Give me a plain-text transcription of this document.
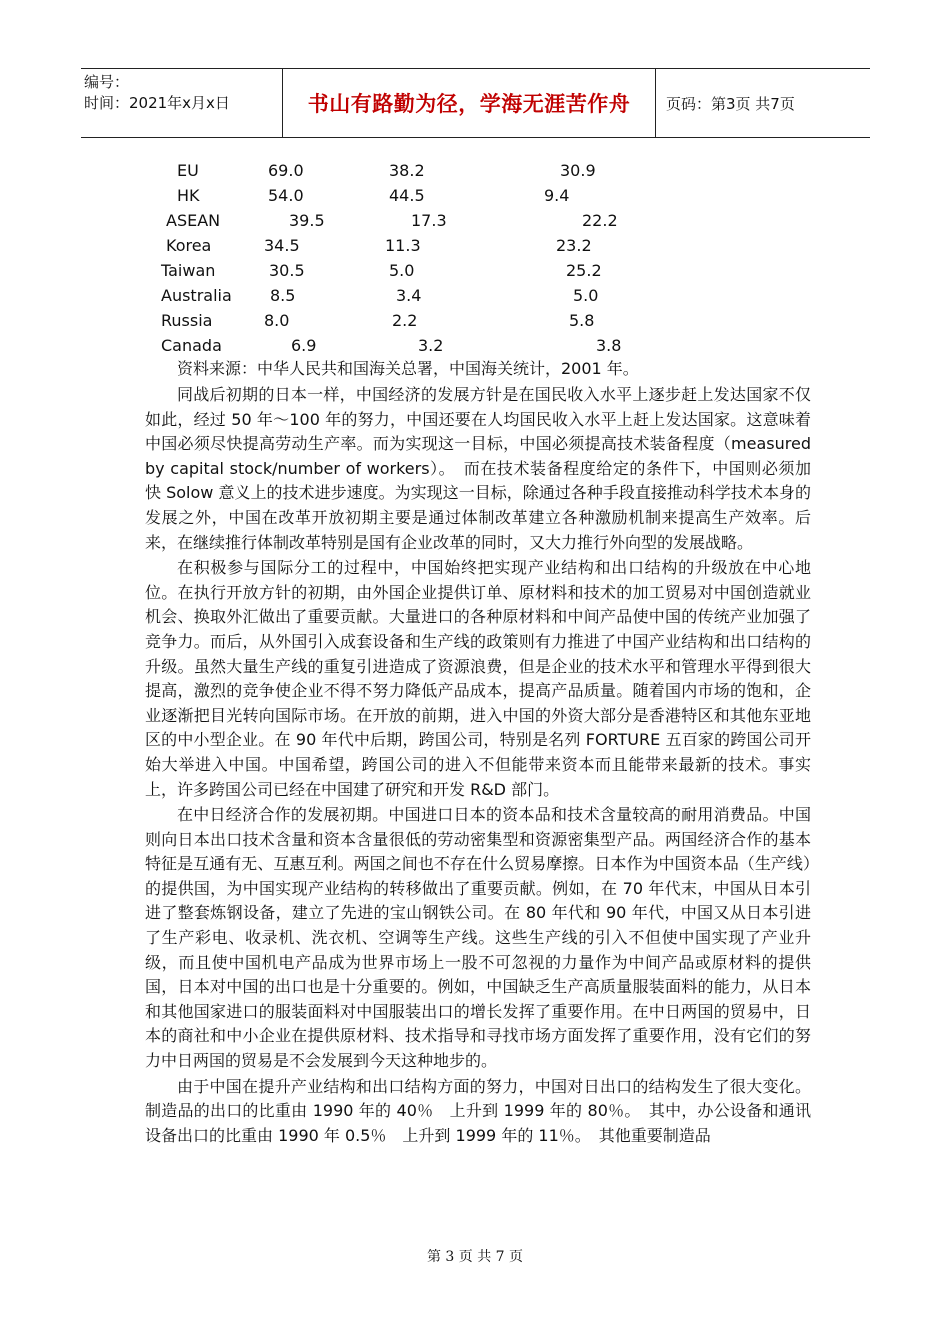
编号：
时间：2021年x月x日	书山有路勤为径，学海无涯苦作舟 页码：第3页 共7页
EU	69.0	38.2	30.9
HK	54.0	44.5	9.4
ASEAN	39.5	17.3	22.2
Korea	34.5	11.3	23.2
Taiwan	30.5	5.0	25.2
Australia 8.5	3.4	5.0
Russia	8.0	2.2	5.8
Canada	6.9	3.2	3.8
资料来源：中华人民共和国海关总署，中国海关统计，2001 年。

同战后初期的日本一样，中国经济的发展方针是在国民收入水平上逐步赶上发达国家不仅如此，经过 50 年～100 年的努力，中国还要在人均国民收入水平上赶上发达国家。这意味着中国必须尽快提高劳动生产率。而为实现这一目标，中国必须提高技术装备程度（measured by capital stock/number of workers）。　而在技术装备程度给定的条件下，中国则必须加快 Solow 意义上的技术进步速度。为实现这一目标，除通过各种手段直接推动科学技术本身的发展之外，中国在改革开放初期主要是通过体制改革建立各种激励机制来提高生产效率。后来，在继续推行体制改革特别是国有企业改革的同时，又大力推行外向型的发展战略。

在积极参与国际分工的过程中，中国始终把实现产业结构和出口结构的升级放在中心地位。在执行开放方针的初期，由外国企业提供订单、原材料和技术的加工贸易对中国创造就业机会、换取外汇做出了重要贡献。大量进口的各种原材料和中间产品使中国的传统产业加强了竞争力。而后，从外国引入成套设备和生产线的政策则有力推进了中国产业结构和出口结构的升级。虽然大量生产线的重复引进造成了资源浪费，但是企业的技术水平和管理水平得到很大提高，激烈的竞争使企业不得不努力降低产品成本，提高产品质量。随着国内市场的饱和，企业逐渐把目光转向国际市场。在开放的前期，进入中国的外资大部分是香港特区和其他东亚地区的中小型企业。在 90 年代中后期，跨国公司，特别是名列 FORTURE 五百家的跨国公司开始大举进入中国。中国希望，跨国公司的进入不但能带来资本而且能带来最新的技术。事实上，许多跨国公司已经在中国建了研究和开发 R&D 部门。

在中日经济合作的发展初期。中国进口日本的资本品和技术含量较高的耐用消费品。中国则向日本出口技术含量和资本含量很低的劳动密集型和资源密集型产品。两国经济合作的基本特征是互通有无、互惠互利。两国之间也不存在什么贸易摩擦。日本作为中国资本品（生产线）的提供国，为中国实现产业结构的转移做出了重要贡献。例如，在 70 年代末，中国从日本引进了整套炼钢设备，建立了先进的宝山钢铁公司。在 80 年代和 90 年代，中国又从日本引进了生产彩电、收录机、洗衣机、空调等生产线。这些生产线的引入不但使中国实现了产业升级，而且使中国机电产品成为世界市场上一股不可忽视的力量作为中间产品或原材料的提供国，日本对中国的出口也是十分重要的。例如，中国缺乏生产高质量服装面料的能力，从日本和其他国家进口的服装面料对中国服装出口的增长发挥了重要作用。在中日两国的贸易中，日本的商社和中小企业在提供原材料、技术指导和寻找市场方面发挥了重要作用，没有它们的努力中日两国的贸易是不会发展到今天这种地步的。

由于中国在提升产业结构和出口结构方面的努力，中国对日出口的结构发生了很大变化。制造品的出口的比重由 1990 年的 40％　上升到 1999 年的 80％。　其中，办公设备和通讯设备出口的比重由 1990 年 0.5％　上升到 1999 年的 11％。　其他重要制造品

第 3 页 共 7 页
